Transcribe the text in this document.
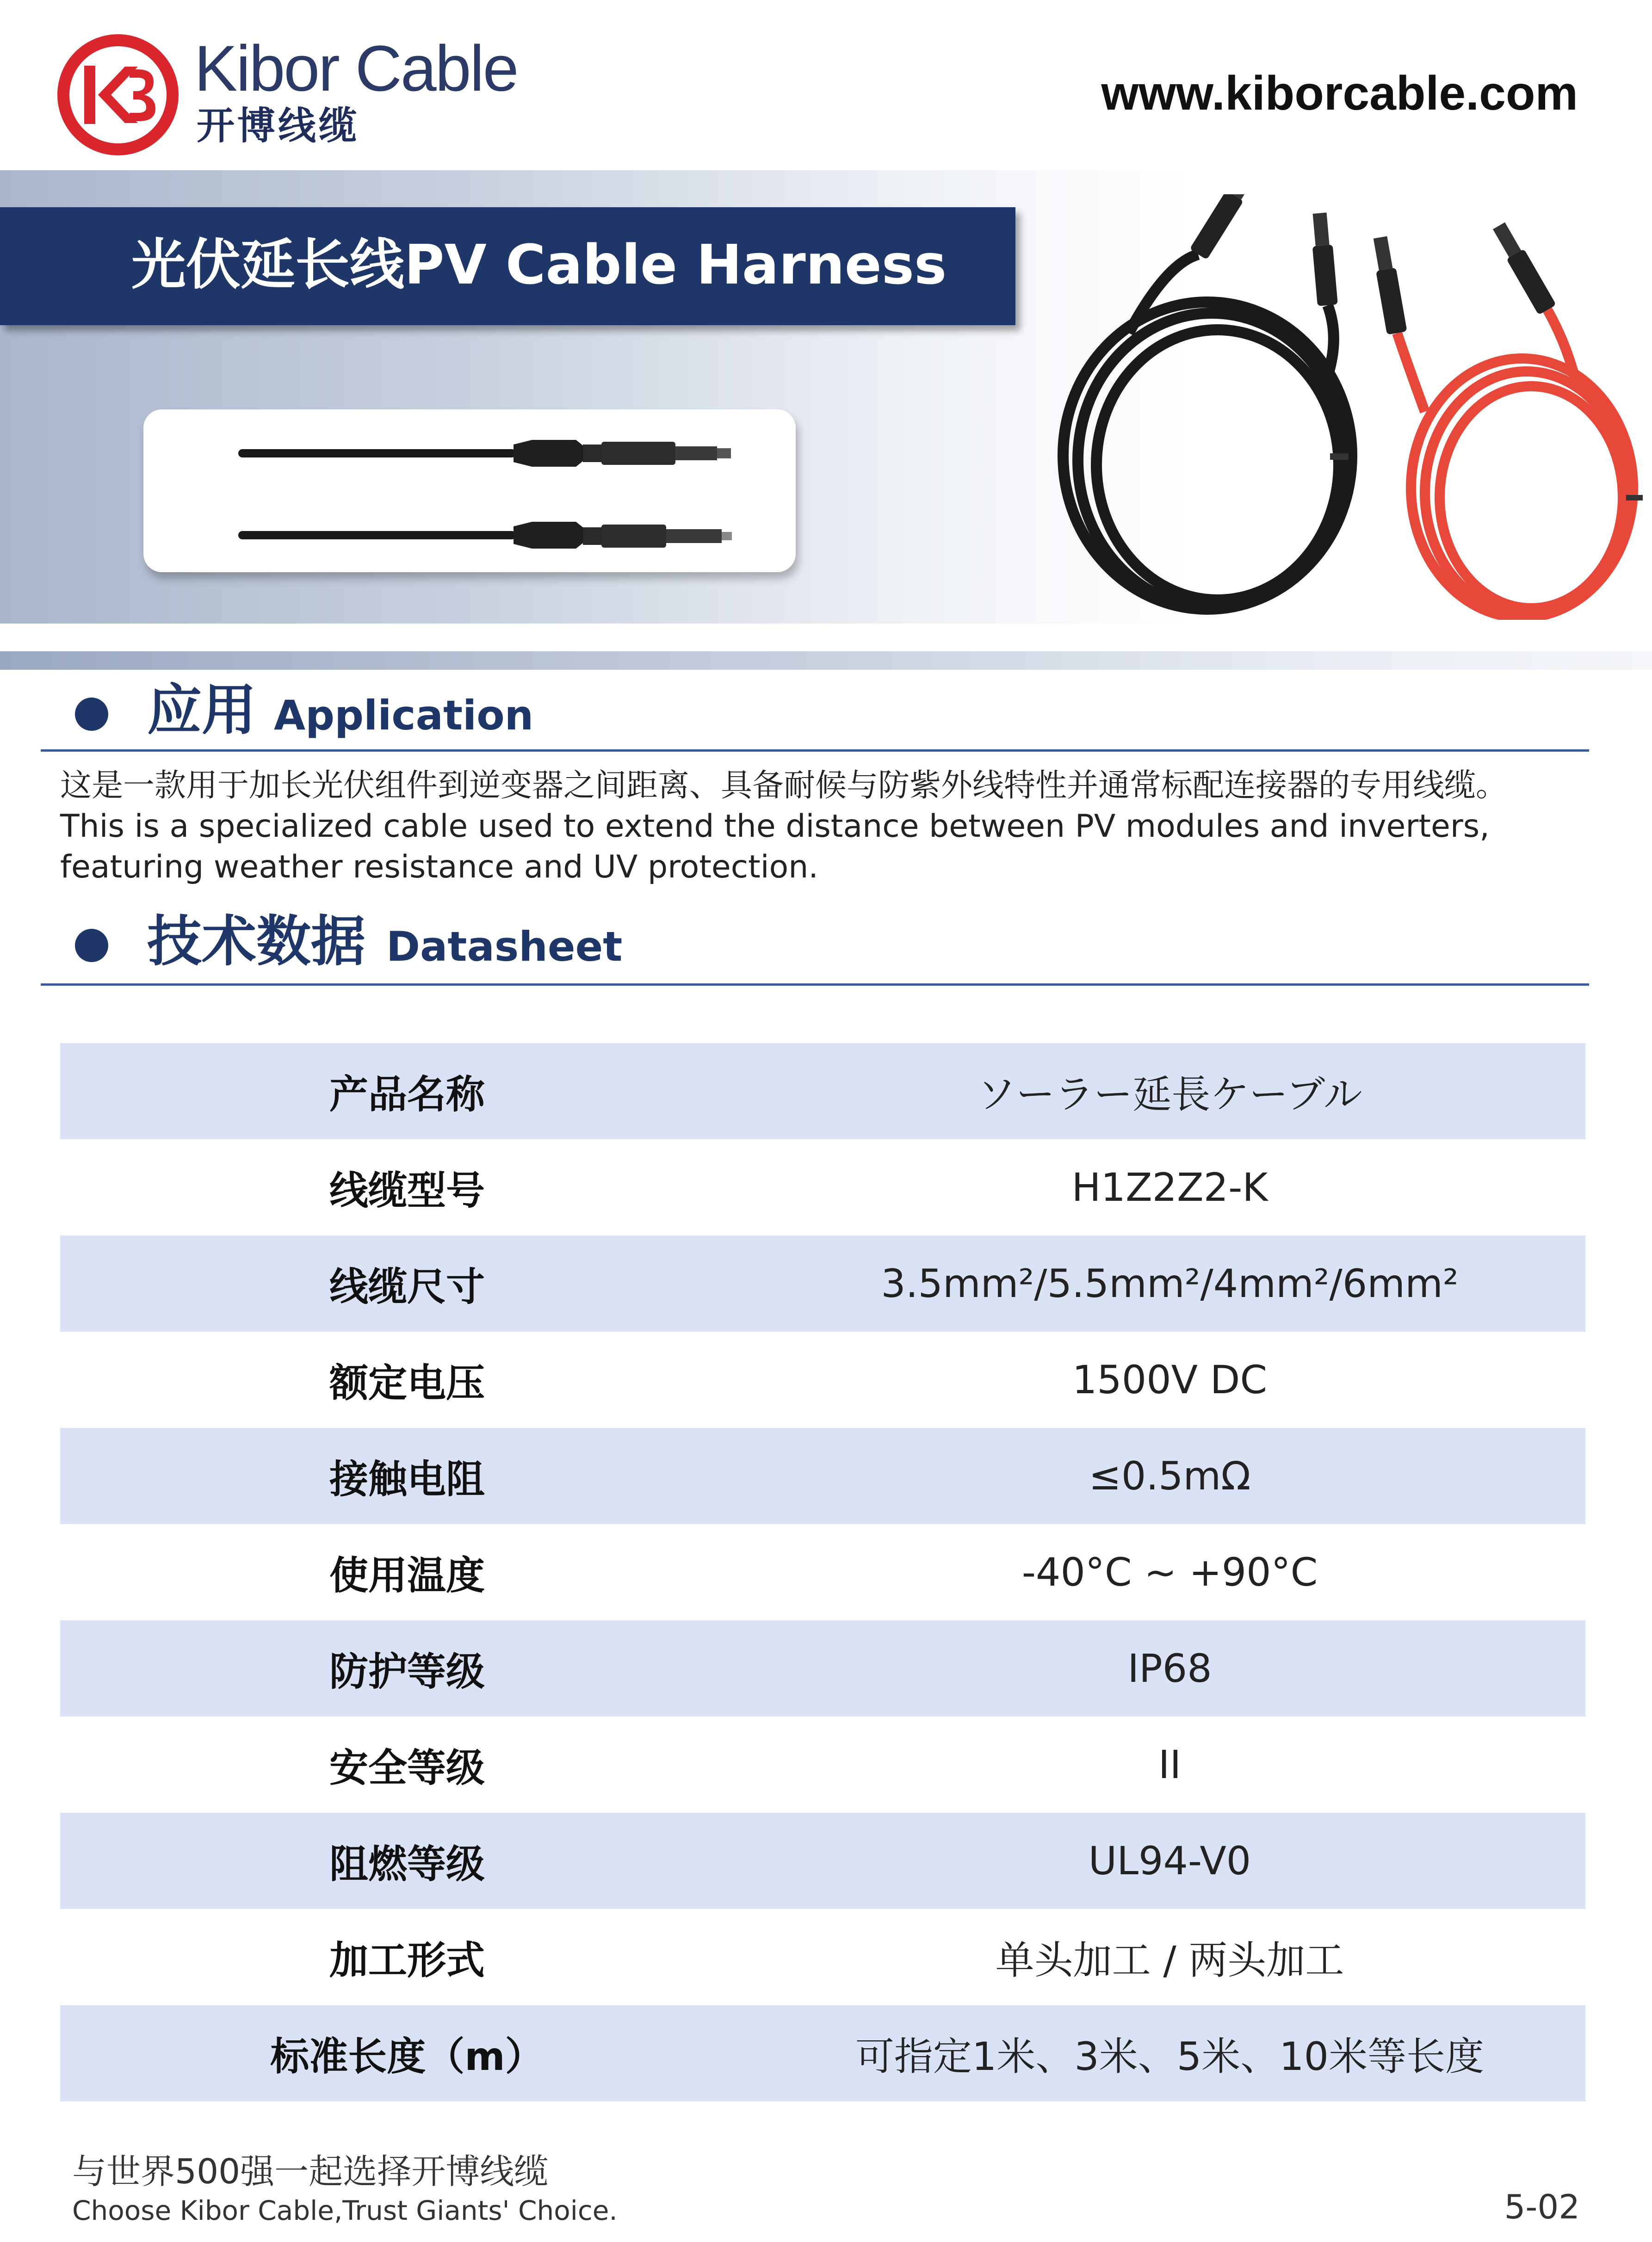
Kibor Cable
开博线缆
www.kiborcable.com
光伏延长线PV Cable Harness
应用 Application
这是一款用于加长光伏组件到逆变器之间距离、具备耐候与防紫外线特性并通常标配连接器的专用线缆。
This is a specialized cable used to extend the distance between PV modules and inverters,
featuring weather resistance and UV protection.
技术数据 Datasheet
产品名称	ソーラー延長ケーブル
线缆型号	H1Z2Z2-K
线缆尺寸	3.5mm²/5.5mm²/4mm²/6mm²
额定电压	1500V DC
接触电阻	≤0.5mΩ
使用温度	-40°C ~ +90°C
防护等级	IP68
安全等级	II
阻燃等级	UL94-V0
加工形式	单头加工 / 两头加工
标准长度（m）	可指定1米、3米、5米、10米等长度
与世界500强一起选择开博线缆
Choose Kibor Cable,Trust Giants' Choice.	5-02
